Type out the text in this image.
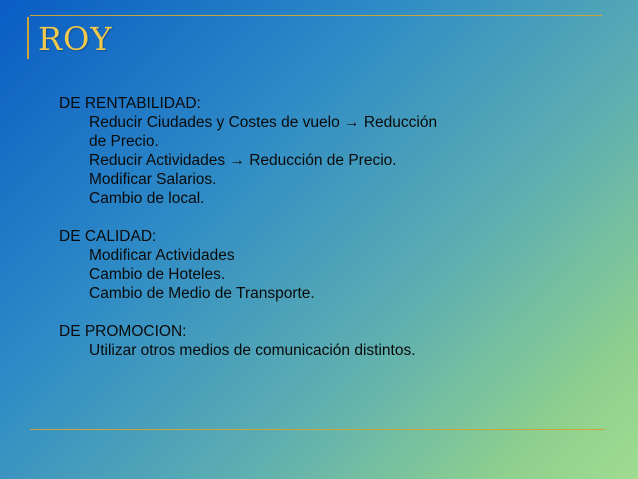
ROY

DE RENTABILIDAD:

Reducir Ciudades y Costes de vuelo → Reducción
de Precio.
Reducir Actividades → Reducción de Precio.
Modificar Salarios.
Cambio de local.

DE CALIDAD:

Modificar Actividades
Cambio de Hoteles.
Cambio de Medio de Transporte.

DE PROMOCION:

Utilizar otros medios de comunicación distintos.
